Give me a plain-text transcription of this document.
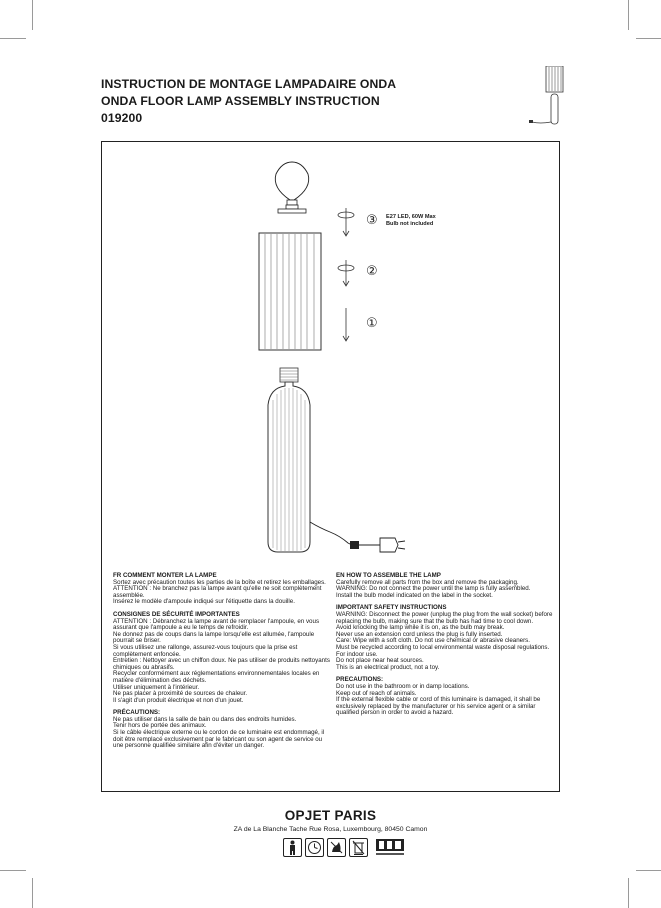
INSTRUCTION DE MONTAGE LAMPADAIRE ONDA
ONDA FLOOR LAMP ASSEMBLY INSTRUCTION
019200
③
②
①
E27 LED, 60W Max
Bulb not included

FR COMMENT MONTER LA LAMPE

Sortez avec précaution toutes les parties de la boîte et retirez les emballages.

ATTENTION : Ne branchez pas la lampe avant qu'elle ne soit complètement assemblée.

Insérez le modèle d'ampoule indiqué sur l'étiquette dans la douille.

CONSIGNES DE SÉCURITÉ IMPORTANTES

ATTENTION : Débranchez la lampe avant de remplacer l'ampoule, en vous assurant que l'ampoule a eu le temps de refroidir.

Ne donnez pas de coups dans la lampe lorsqu'elle est allumée, l'ampoule pourrait se briser.

Si vous utilisez une rallonge, assurez-vous toujours que la prise est complètement enfoncée.

Entretien : Nettoyer avec un chiffon doux. Ne pas utiliser de produits nettoyants chimiques ou abrasifs.

Recycler conformément aux réglementations environnementales locales en matière d'élimination des déchets.

Utiliser uniquement à l'intérieur.

Ne pas placer à proximité de sources de chaleur.

Il s'agit d'un produit électrique et non d'un jouet.

PRÉCAUTIONS:

Ne pas utiliser dans la salle de bain ou dans des endroits humides.

Tenir hors de portée des animaux.

Si le câble électrique externe ou le cordon de ce luminaire est endommagé, il doit être remplacé exclusivement par le fabricant ou son agent de service ou une personne qualifiée similaire afin d'éviter un danger.

EN HOW TO ASSEMBLE THE LAMP

Carefully remove all parts from the box and remove the packaging.

WARNING: Do not connect the power until the lamp is fully assembled.

Install the bulb model indicated on the label in the socket.

IMPORTANT SAFETY INSTRUCTIONS

WARNING: Disconnect the power (unplug the plug from the wall socket) before replacing the bulb, making sure that the bulb has had time to cool down.

Avoid knocking the lamp while it is on, as the bulb may break.

Never use an extension cord unless the plug is fully inserted.

Care: Wipe with a soft cloth. Do not use chemical or abrasive cleaners.

Must be recycled according to local environmental waste disposal regulations.

For indoor use.

Do not place near heat sources.

This is an electrical product, not a toy.

PRECAUTIONS:

Do not use in the bathroom or in damp locations.

Keep out of reach of animals.

If the external flexible cable or cord of this luminaire is damaged, it shall be exclusively replaced by the manufacturer or his service agent or a similar qualified person in order to avoid a hazard.

OPJET PARIS
ZA de La Blanche Tache Rue Rosa, Luxembourg, 80450 Camon
